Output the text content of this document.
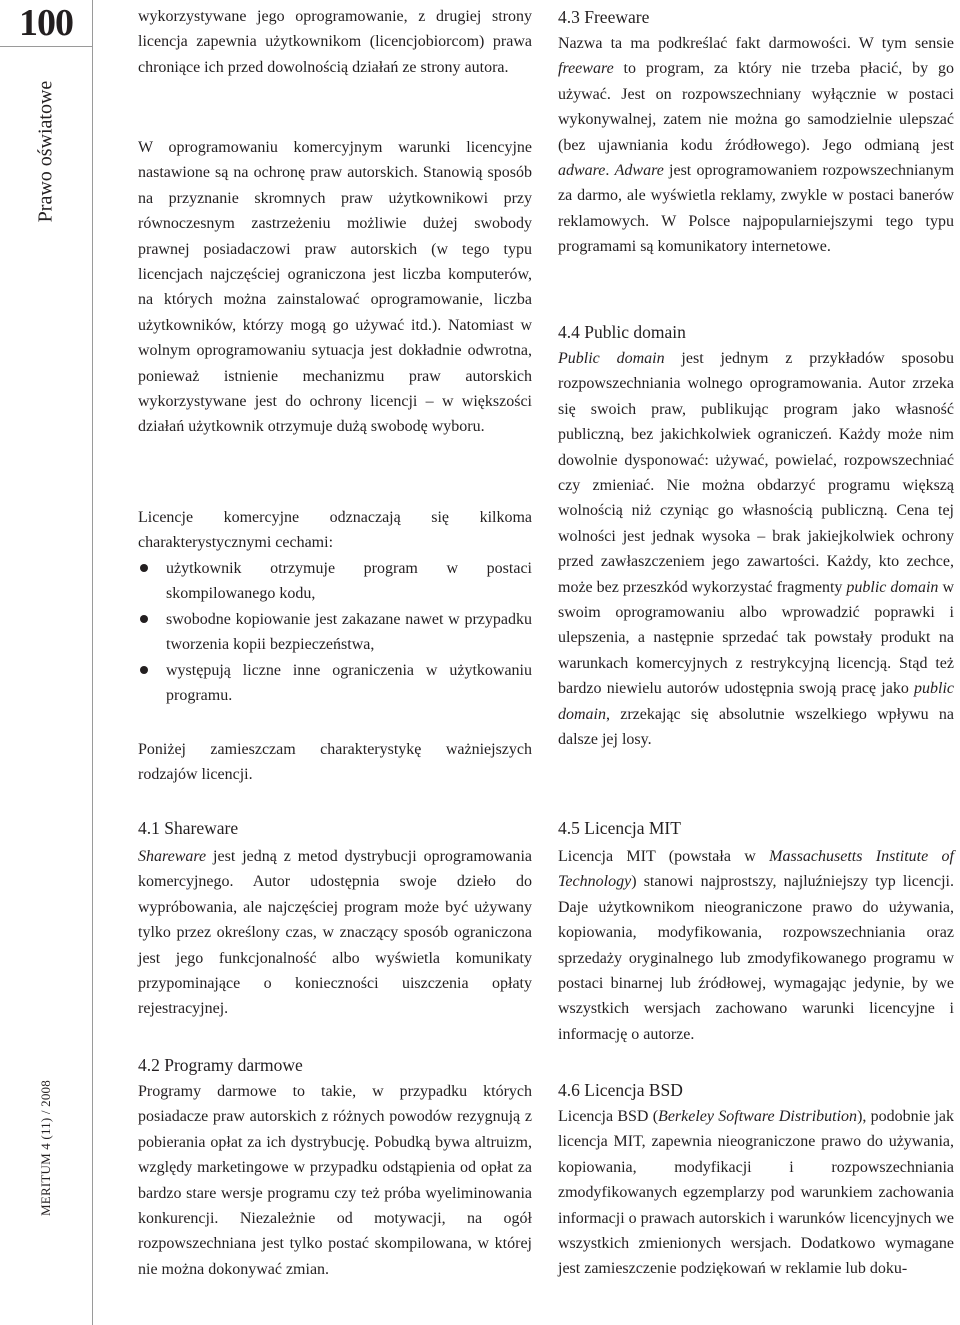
100
Prawo oświatowe
MERITUM 4 (11) / 2008

wykorzystywane jego oprogramowanie, z drugiej strony licencja zapewnia użytkownikom (licencjobiorcom) prawa chroniące ich przed dowolnością działań ze strony autora.

W oprogramowaniu komercyjnym warunki licencyjne nastawione są na ochronę praw autorskich. Stanowią sposób na przyznanie skromnych praw użytkownikowi przy równoczesnym zastrzeżeniu możliwie dużej swobody prawnej posiadaczowi praw autorskich (w tego typu licencjach najczęściej ograniczona jest liczba komputerów, na których można zainstalować oprogramowanie, liczba użytkowników, którzy mogą go używać itd.). Natomiast w wolnym oprogramowaniu sytuacja jest dokładnie odwrotna, ponieważ istnienie mechanizmu praw autorskich wykorzystywane jest do ochrony licencji – w większości działań użytkownik otrzymuje dużą swobodę wyboru.

Licencje komercyjne odznaczają się kilkoma charakterystycznymi cechami:

użytkownik otrzymuje program w postaci skompilowanego kodu,
swobodne kopiowanie jest zakazane nawet w przypadku tworzenia kopii bezpieczeństwa,
występują liczne inne ograniczenia w użytkowaniu programu.

Poniżej zamieszczam charakterystykę ważniejszych rodzajów licencji.

4.1 Shareware

Shareware jest jedną z metod dystrybucji oprogramowania komercyjnego. Autor udostępnia swoje dzieło do wypróbowania, ale najczęściej program może być używany tylko przez określony czas, w znaczący sposób ograniczona jest jego funkcjonalność albo wyświetla komunikaty przypominające o konieczności uiszczenia opłaty rejestracyjnej.

4.2 Programy darmowe

Programy darmowe to takie, w przypadku których posiadacze praw autorskich z różnych powodów rezygnują z pobierania opłat za ich dystrybucję. Pobudką bywa altruizm, względy marketingowe w przypadku odstąpienia od opłat za bardzo stare wersje programu czy też próba wyeliminowania konkurencji. Niezależnie od motywacji, na ogół rozpowszechniana jest tylko postać skompilowana, w której nie można dokonywać zmian.

4.3 Freeware

Nazwa ta ma podkreślać fakt darmowości. W tym sensie freeware to program, za który nie trzeba płacić, by go używać. Jest on rozpowszechniany wyłącznie w postaci wykonywalnej, zatem nie można go samodzielnie ulepszać (bez ujawniania kodu źródłowego). Jego odmianą jest adware. Adware jest oprogramowaniem rozpowszechnianym za darmo, ale wyświetla reklamy, zwykle w postaci banerów reklamowych. W Polsce najpopularniejszymi tego typu programami są komunikatory internetowe.

4.4 Public domain

Public domain jest jednym z przykładów sposobu rozpowszechniania wolnego oprogramowania. Autor zrzeka się swoich praw, publikując program jako własność publiczną, bez jakichkolwiek ograniczeń. Każdy może nim dowolnie dysponować: używać, powielać, rozpowszechniać czy zmieniać. Nie można obdarzyć programu większą wolnością niż czyniąc go własnością publiczną. Cena tej wolności jest jednak wysoka – brak jakiejkolwiek ochrony przed zawłaszczeniem jego zawartości. Każdy, kto zechce, może bez przeszkód wykorzystać fragmenty public domain w swoim oprogramowaniu albo wprowadzić poprawki i ulepszenia, a następnie sprzedać tak powstały produkt na warunkach komercyjnych z restrykcyjną licencją. Stąd też bardzo niewielu autorów udostępnia swoją pracę jako public domain, zrzekając się absolutnie wszelkiego wpływu na dalsze jej losy.

4.5 Licencja MIT

Licencja MIT (powstała w Massachusetts Institute of Technology) stanowi najprostszy, najluźniejszy typ licencji. Daje użytkownikom nieograniczone prawo do używania, kopiowania, modyfikowania, rozpowszechniania oraz sprzedaży oryginalnego lub zmodyfikowanego programu w postaci binarnej lub źródłowej, wymagając jedynie, by we wszystkich wersjach zachowano warunki licencyjne i informację o autorze.

4.6 Licencja BSD

Licencja BSD (Berkeley Software Distribution), podobnie jak licencja MIT, zapewnia nieograniczone prawo do używania, kopiowania, modyfikacji i rozpowszechniania zmodyfikowanych egzemplarzy pod warunkiem zachowania informacji o prawach autorskich i warunków licencyjnych we wszystkich zmienionych wersjach. Dodatkowo wymagane jest zamieszczenie podziękowań w reklamie lub doku-
